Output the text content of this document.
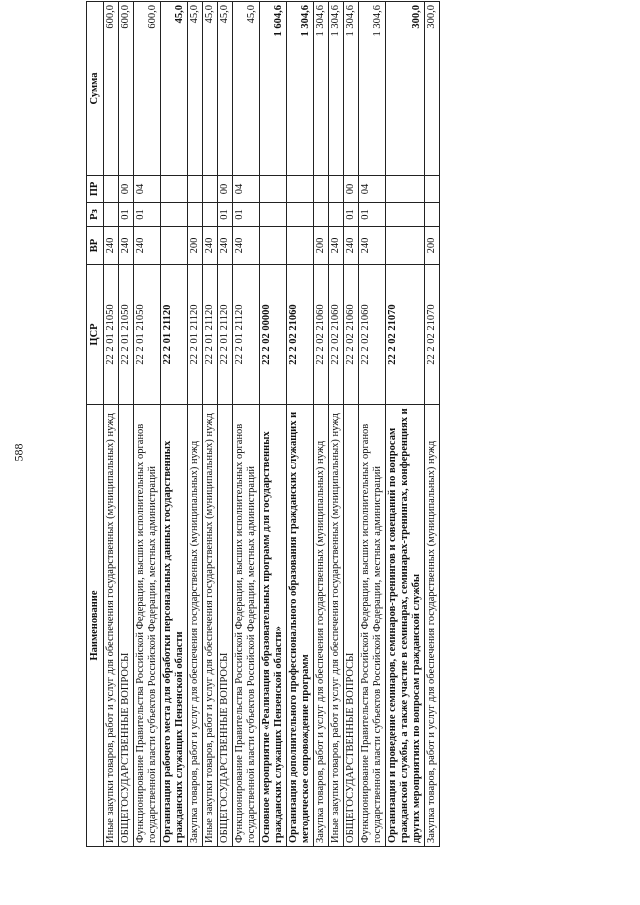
588
Наименование	ЦСР	ВР	Рз	ПР	Сумма
Иные закупки товаров, работ и услуг для обеспечения государственных (муниципальных) нужд	22 2 01 21050	240			600,0
ОБЩЕГОСУДАРСТВЕННЫЕ ВОПРОСЫ	22 2 01 21050	240	01	00	600,0
Функционирование Правительства Российской Федерации, высших исполнительных органов государственной власти субъектов Российской Федерации, местных администраций	22 2 01 21050	240	01	04	600,0
Организация рабочего места для обработки персональных данных государственных гражданских служащих Пензенской области	22 2 01 21120				45,0
Закупка товаров, работ и услуг для обеспечения государственных (муниципальных) нужд	22 2 01 21120	200			45,0
Иные закупки товаров, работ и услуг для обеспечения государственных (муниципальных) нужд	22 2 01 21120	240			45,0
ОБЩЕГОСУДАРСТВЕННЫЕ ВОПРОСЫ	22 2 01 21120	240	01	00	45,0
Функционирование Правительства Российской Федерации, высших исполнительных органов государственной власти субъектов Российской Федерации, местных администраций	22 2 01 21120	240	01	04	45,0
Основное мероприятие «Реализация образовательных программ для государственных гражданских служащих Пензенской области»	22 2 02 00000				1 604,6
Организация дополнительного профессионального образования гражданских служащих и методическое сопровождение программ	22 2 02 21060				1 304,6
Закупка товаров, работ и услуг для обеспечения государственных (муниципальных) нужд	22 2 02 21060	200			1 304,6
Иные закупки товаров, работ и услуг для обеспечения государственных (муниципальных) нужд	22 2 02 21060	240			1 304,6
ОБЩЕГОСУДАРСТВЕННЫЕ ВОПРОСЫ	22 2 02 21060	240	01	00	1 304,6
Функционирование Правительства Российской Федерации, высших исполнительных органов государственной власти субъектов Российской Федерации, местных администраций	22 2 02 21060	240	01	04	1 304,6
Организация и проведение семинаров, семинаров-тренингов и совещаний по вопросам гражданской службы, а также участие в семинарах, семинарах-тренингах, конференциях и других мероприятиях по вопросам гражданской службы	22 2 02 21070				300,0
Закупка товаров, работ и услуг для обеспечения государственных (муниципальных) нужд	22 2 02 21070	200			300,0
